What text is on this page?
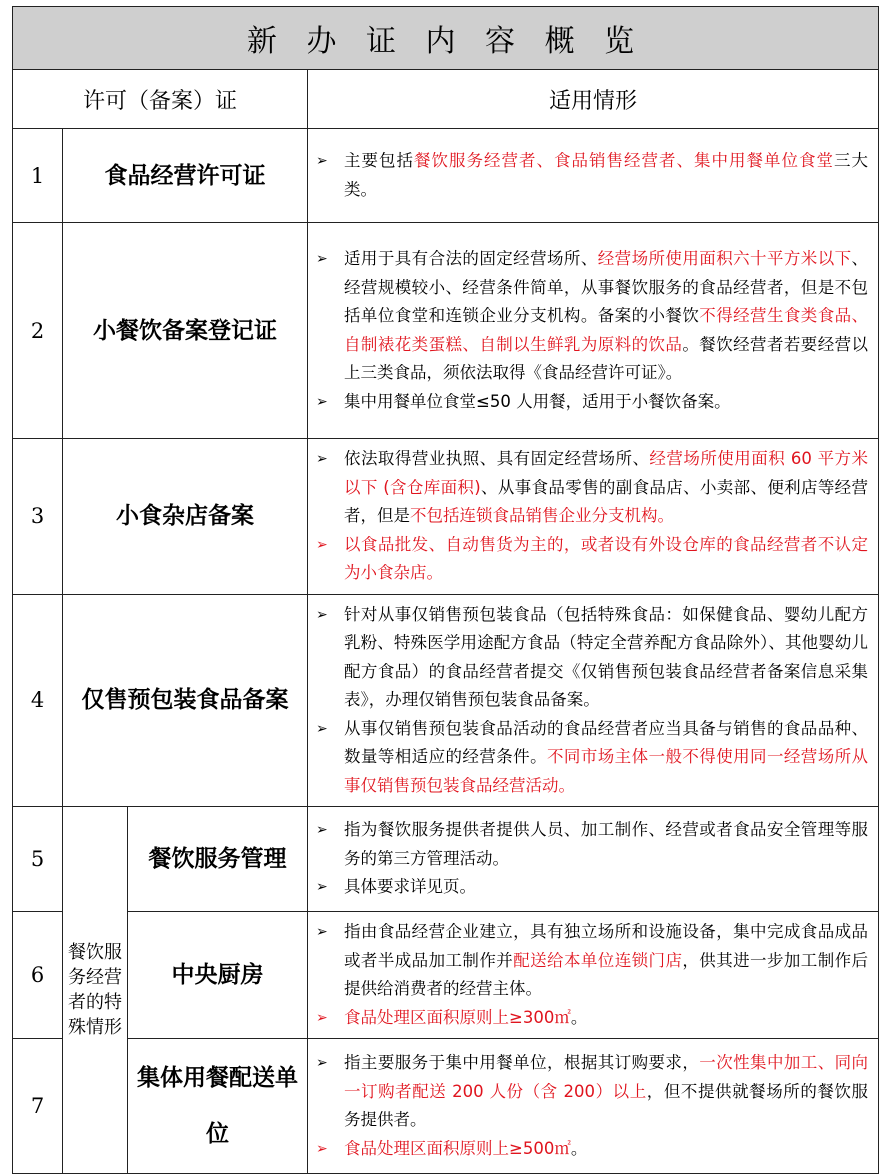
新 办 证 内 容 概 览			
许可（备案）证			适用情形
1	食品经营许可证		➢ 主要包括餐饮服务经营者、食品销售经营者、集中用餐单位食堂三大类。

2	小餐饮备案登记证		➢ 适用于具有合法的固定经营场所、经营场所使用面积六十平方米以下、经营规模较小、经营条件简单，从事餐饮服务的食品经营者，但是不包括单位食堂和连锁企业分支机构。备案的小餐饮不得经营生食类食品、自制裱花类蛋糕、自制以生鲜乳为原料的饮品。餐饮经营者若要经营以上三类食品，须依法取得《食品经营许可证》。
➢ 集中用餐单位食堂≤50 人用餐，适用于小餐饮备案。

3	小食杂店备案		➢ 依法取得营业执照、具有固定经营场所、经营场所使用面积 60 平方米以下 (含仓库面积)、从事食品零售的副食品店、小卖部、便利店等经营者，但是不包括连锁食品销售企业分支机构。
➢ 以食品批发、自动售货为主的，或者设有外设仓库的食品经营者不认定为小食杂店。

4	仅售预包装食品备案		➢ 针对从事仅销售预包装食品（包括特殊食品：如保健食品、婴幼儿配方乳粉、特殊医学用途配方食品（特定全营养配方食品除外）、其他婴幼儿配方食品）的食品经营者提交《仅销售预包装食品经营者备案信息采集表》，办理仅销售预包装食品备案。
➢ 从事仅销售预包装食品活动的食品经营者应当具备与销售的食品品种、数量等相适应的经营条件。不同市场主体一般不得使用同一经营场所从事仅销售预包装食品经营活动。

5	餐饮服务经营者的特殊情形	餐饮服务管理	➢ 指为餐饮服务提供者提供人员、加工制作、经营或者食品安全管理等服务的第三方管理活动。
➢ 具体要求详见页。

6		中央厨房	➢ 指由食品经营企业建立，具有独立场所和设施设备，集中完成食品成品或者半成品加工制作并配送给本单位连锁门店，供其进一步加工制作后提供给消费者的经营主体。
➢ 食品处理区面积原则上≥300㎡。

7		集体用餐配送单位	➢ 指主要服务于集中用餐单位，根据其订购要求，一次性集中加工、同向一订购者配送 200 人份（含 200）以上，但不提供就餐场所的餐饮服务提供者。
➢ 食品处理区面积原则上≥500㎡。
